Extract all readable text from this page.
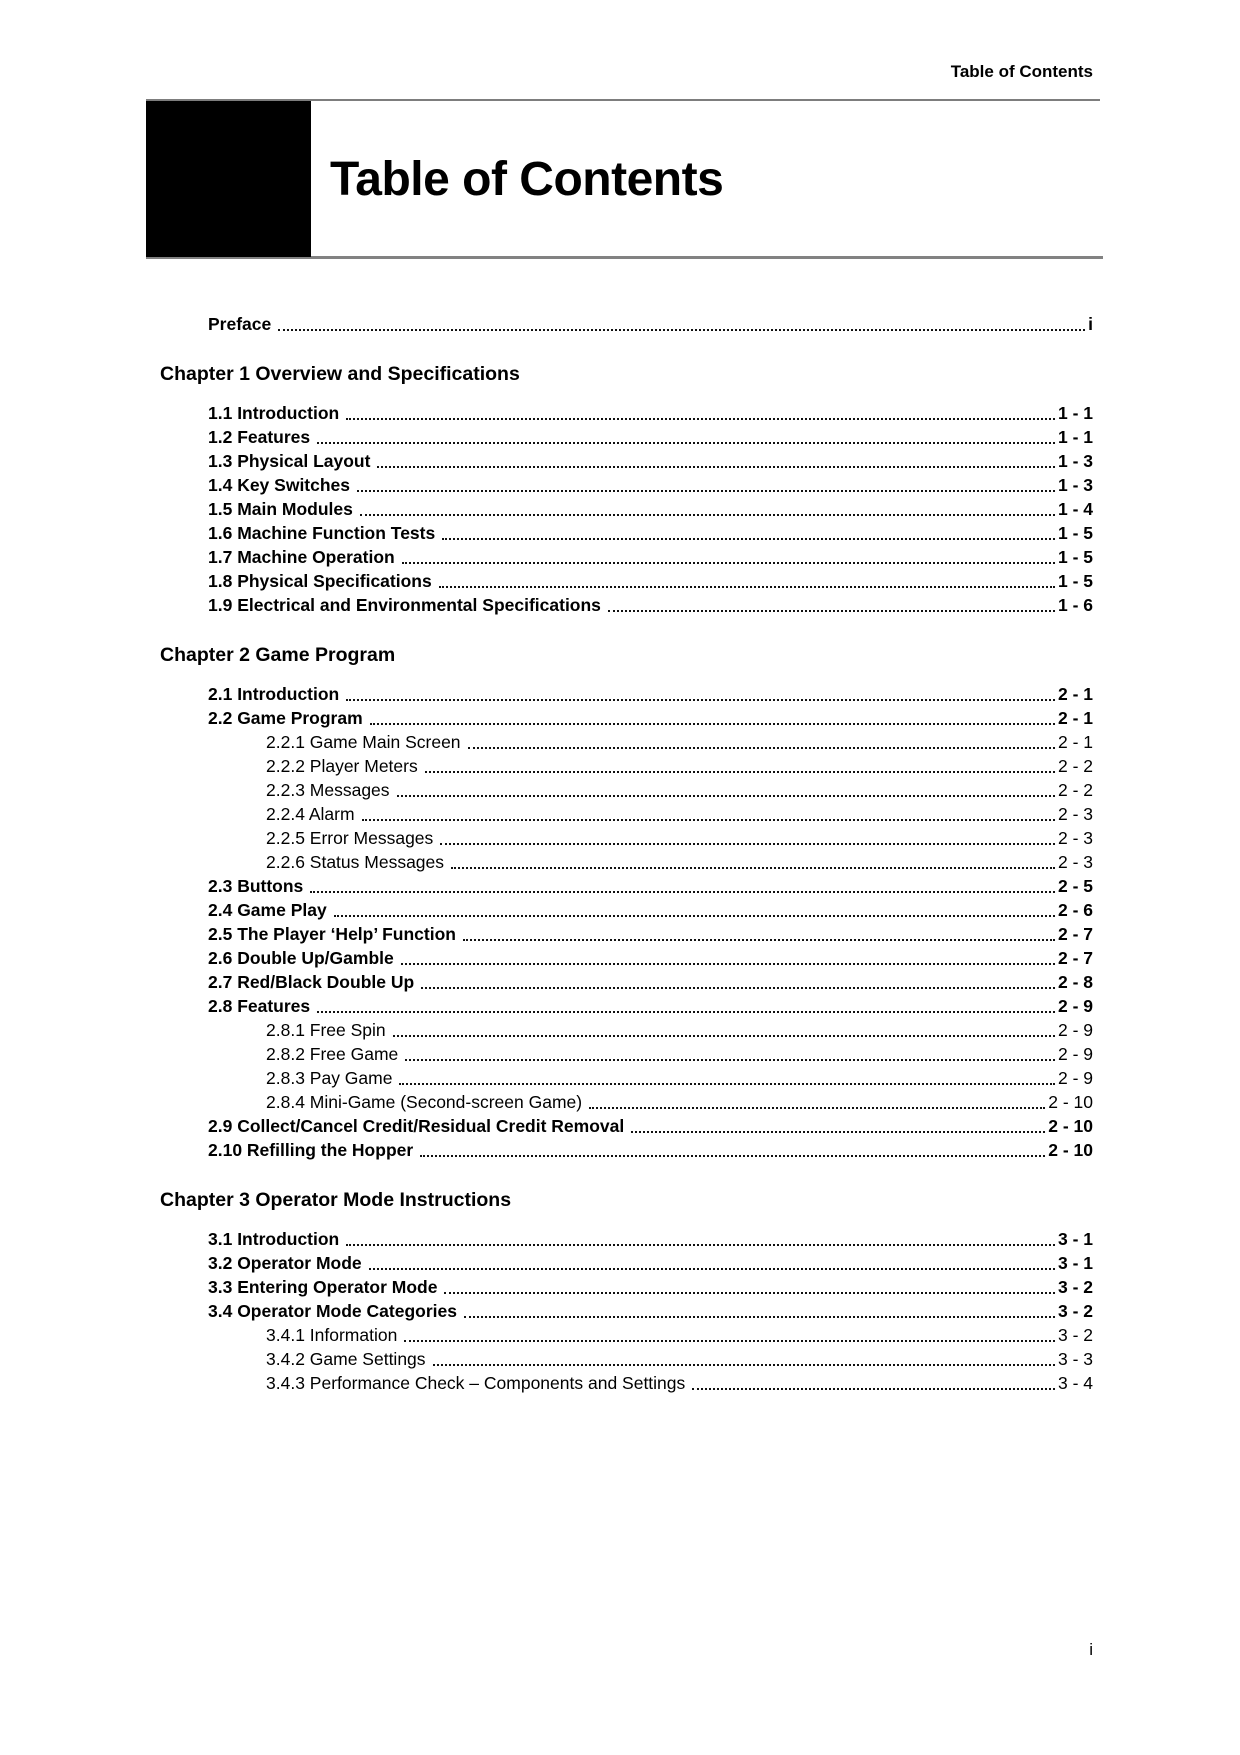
Table of Contents
Table of Contents
Preface	i
Chapter 1 Overview and Specifications
1.1 Introduction	1 - 1
1.2 Features	1 - 1
1.3 Physical Layout	1 - 3
1.4 Key Switches	1 - 3
1.5 Main Modules	1 - 4
1.6 Machine Function Tests	1 - 5
1.7 Machine Operation	1 - 5
1.8 Physical Specifications	1 - 5
1.9 Electrical and Environmental Specifications	1 - 6
Chapter 2 Game Program
2.1 Introduction	2 - 1
2.2 Game Program	2 - 1
2.2.1 Game Main Screen	2 - 1
2.2.2 Player Meters	2 - 2
2.2.3 Messages	2 - 2
2.2.4 Alarm	2 - 3
2.2.5 Error Messages	2 - 3
2.2.6 Status Messages	2 - 3
2.3 Buttons	2 - 5
2.4 Game Play	2 - 6
2.5 The Player ‘Help’ Function	2 - 7
2.6 Double Up/Gamble	2 - 7
2.7 Red/Black Double Up	2 - 8
2.8 Features	2 - 9
2.8.1 Free Spin	2 - 9
2.8.2 Free Game	2 - 9
2.8.3 Pay Game	2 - 9
2.8.4 Mini-Game (Second-screen Game)	2 - 10
2.9 Collect/Cancel Credit/Residual Credit Removal	2 - 10
2.10 Refilling the Hopper	2 - 10
Chapter 3 Operator Mode Instructions
3.1 Introduction	3 - 1
3.2 Operator Mode	3 - 1
3.3 Entering Operator Mode	3 - 2
3.4 Operator Mode Categories	3 - 2
3.4.1 Information	3 - 2
3.4.2 Game Settings	3 - 3
3.4.3 Performance Check – Components and Settings	3 - 4
i
